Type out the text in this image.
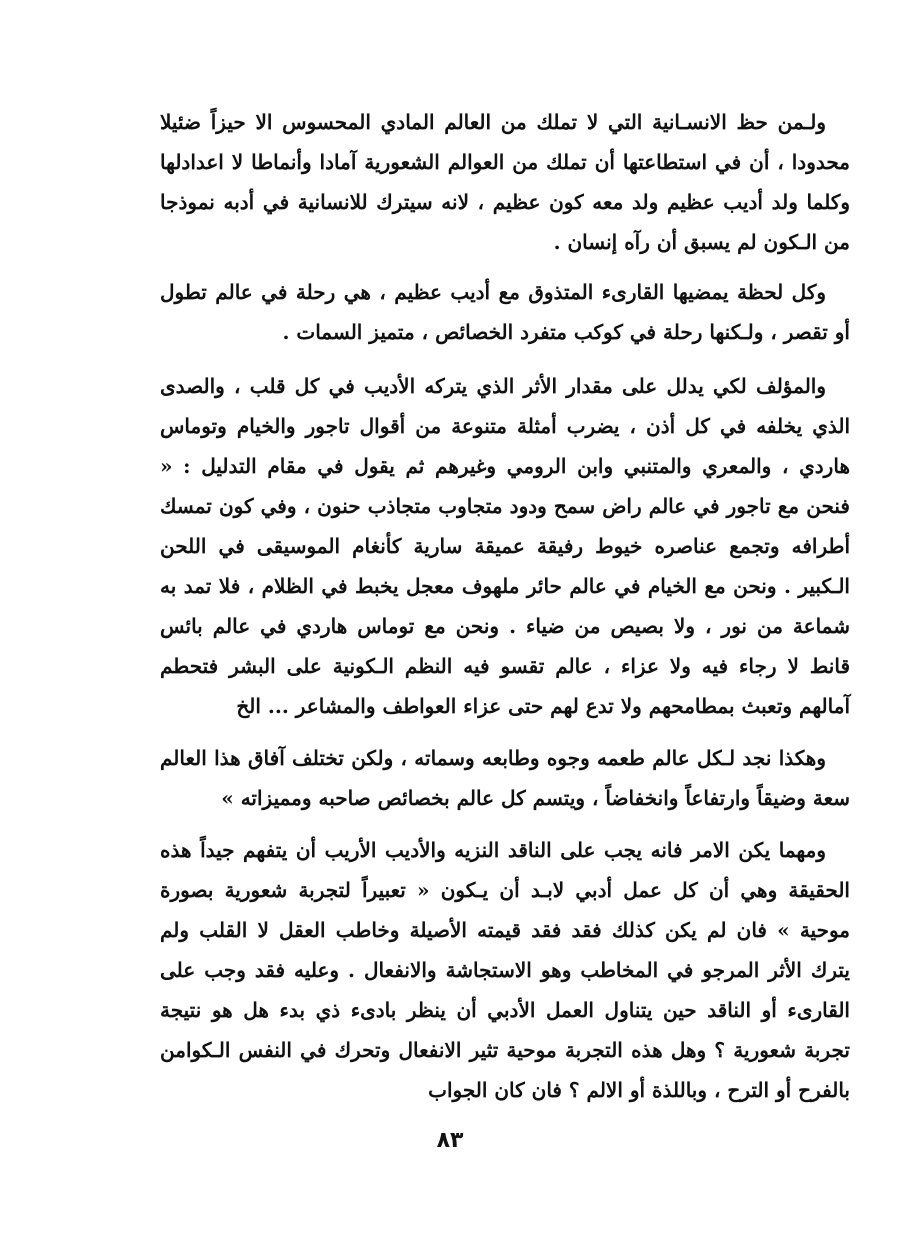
ولـمن حظ الانسـانية التي لا تملك من العالم المادي المحسوس الا حيزاً ضئيلا محدودا ، أن في استطاعتها أن تملك من العوالم الشعورية آمادا وأنماطا لا اعدادلها وكلما ولد أديب عظيم ولد معه كون عظيم ، لانه سيترك للانسانية في أدبه نموذجا من الـكون لم يسبق أن رآه إنسان .

وكل لحظة يمضيها القارىء المتذوق مع أديب عظيم ، هي رحلة في عالم تطول أو تقصر ، ولـكنها رحلة في كوكب متفرد الخصائص ، متميز السمات .

والمؤلف لكي يدلل على مقدار الأثر الذي يتركه الأديب في كل قلب ، والصدى الذي يخلفه في كل أذن ، يضرب أمثلة متنوعة من أقوال تاجور والخيام وتوماس هاردي ، والمعري والمتنبي وابن الرومي وغيرهم ثم يقول في مقام التدليل : « فنحن مع تاجور في عالم راض سمح ودود متجاوب متجاذب حنون ، وفي كون تمسك أطرافه وتجمع عناصره خيوط رفيقة عميقة سارية كأنغام الموسيقى في اللحن الـكبير . ونحن مع الخيام في عالم حائر ملهوف معجل يخبط في الظلام ، فلا تمد به شماعة من نور ، ولا بصيص من ضياء . ونحن مع توماس هاردي في عالم بائس قانط لا رجاء فيه ولا عزاء ، عالم تقسو فيه النظم الـكونية على البشر فتحطم آمالهم وتعبث بمطامحهم ولا تدع لهم حتى عزاء العواطف والمشاعر ... الخ

وهكذا نجد لـكل عالم طعمه وجوه وطابعه وسماته ، ولكن تختلف آفاق هذا العالم سعة وضيقاً وارتفاعاً وانخفاضاً ، ويتسم كل عالم بخصائص صاحبه ومميزاته »

ومهما يكن الامر فانه يجب على الناقد النزيه والأديب الأريب أن يتفهم جيداً هذه الحقيقة وهي أن كل عمل أدبي لابـد أن يـكون « تعبيراً لتجربة شعورية بصورة موحية » فان لم يكن كذلك فقد فقد قيمته الأصيلة وخاطب العقل لا القلب ولم يترك الأثر المرجو في المخاطب وهو الاستجاشة والانفعال . وعليه فقد وجب على القارىء أو الناقد حين يتناول العمل الأدبي أن ينظر بادىء ذي بدء هل هو نتيجة تجربة شعورية ؟ وهل هذه التجربة موحية تثير الانفعال وتحرك في النفس الـكوامن بالفرح أو الترح ، وباللذة أو الالم ؟ فان كان الجواب

٨٣
